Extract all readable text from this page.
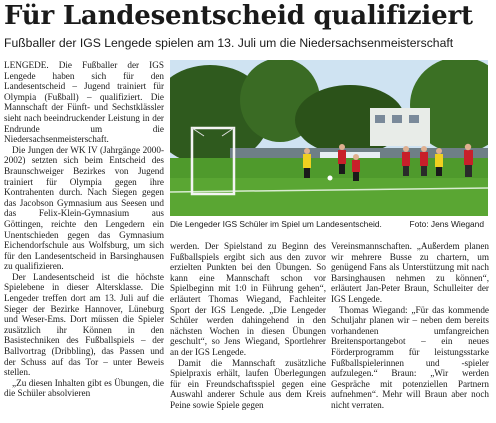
Für Landesentscheid qualifiziert
Fußballer der IGS Lengede spielen am 13. Juli um die Niedersachsenmeisterschaft

LENGEDE. Die Fußballer der IGS Lengede haben sich für den Landesentscheid – Jugend trainiert für Olympia (Fußball) – qualifiziert. Die Mannschaft der Fünft- und Sechstklässler sieht nach beeindruckender Leistung in der Endrunde um die Niedersachsenmeisterschaft.

Die Jungen der WK IV (Jahrgänge 2000-2002) setzten sich beim Entscheid des Braunschweiger Bezirkes von Jugend trainiert für Olympia gegen ihre Kontrahenten durch. Nach Siegen gegen das Jacobson Gymnasium aus Seesen und das Felix-Klein-Gymnasium aus Göttingen, reichte den Lengedern ein Unentschieden gegen das Gymnasium Eichendorfschule aus Wolfsburg, um sich für den Landesentscheid in Barsinghausen zu qualifizieren.

Der Landesentscheid ist die höchste Spielebene in dieser Altersklasse. Die Lengeder treffen dort am 13. Juli auf die Sieger der Bezirke Hannover, Lüneburg und Weser-Ems. Dort müssen die Spieler zusätzlich ihr Können in den Basistechniken des Fußballspiels – der Ballvortrag (Dribbling), das Passen und der Schuss auf das Tor – unter Beweis stellen.

„Zu diesen Inhalten gibt es Übungen, die die Schüler absolvieren

Die Lengeder IGS Schüler im Spiel um Landesentscheid.	Foto: Jens Wiegand

werden. Der Spielstand zu Beginn des Fußballspiels ergibt sich aus den zuvor erzielten Punkten bei den Übungen. So kann eine Mannschaft schon vor Spielbeginn mit 1:0 in Führung gehen“, erläutert Thomas Wiegand, Fachleiter Sport der IGS Lengede. „Die Lengeder Schüler werden dahingehend in den nächsten Wochen in diesen Übungen geschult“, so Jens Wiegand, Sportlehrer an der IGS Lengede.

Damit die Mannschaft zusätzliche Spielpraxis erhält, laufen Überlegungen für ein Freundschaftsspiel gegen eine Auswahl anderer Schule aus dem Kreis Peine sowie Spiele gegen

Vereinsmannschaften. „Außerdem planen wir mehrere Busse zu chartern, um genügend Fans als Unterstützung mit nach Barsinghausen nehmen zu können“, erläutert Jan-Peter Braun, Schulleiter der IGS Lengede.

Thomas Wiegand: „Für das kommende Schuljahr planen wir – neben dem bereits vorhandenen umfangreichen Breitensportangebot – ein neues Förderprogramm für leistungsstarke Fußballspielerinnen und -spieler aufzulegen.“ Braun: „Wir werden Gespräche mit potenziellen Partnern aufnehmen“. Mehr will Braun aber noch nicht verraten.
